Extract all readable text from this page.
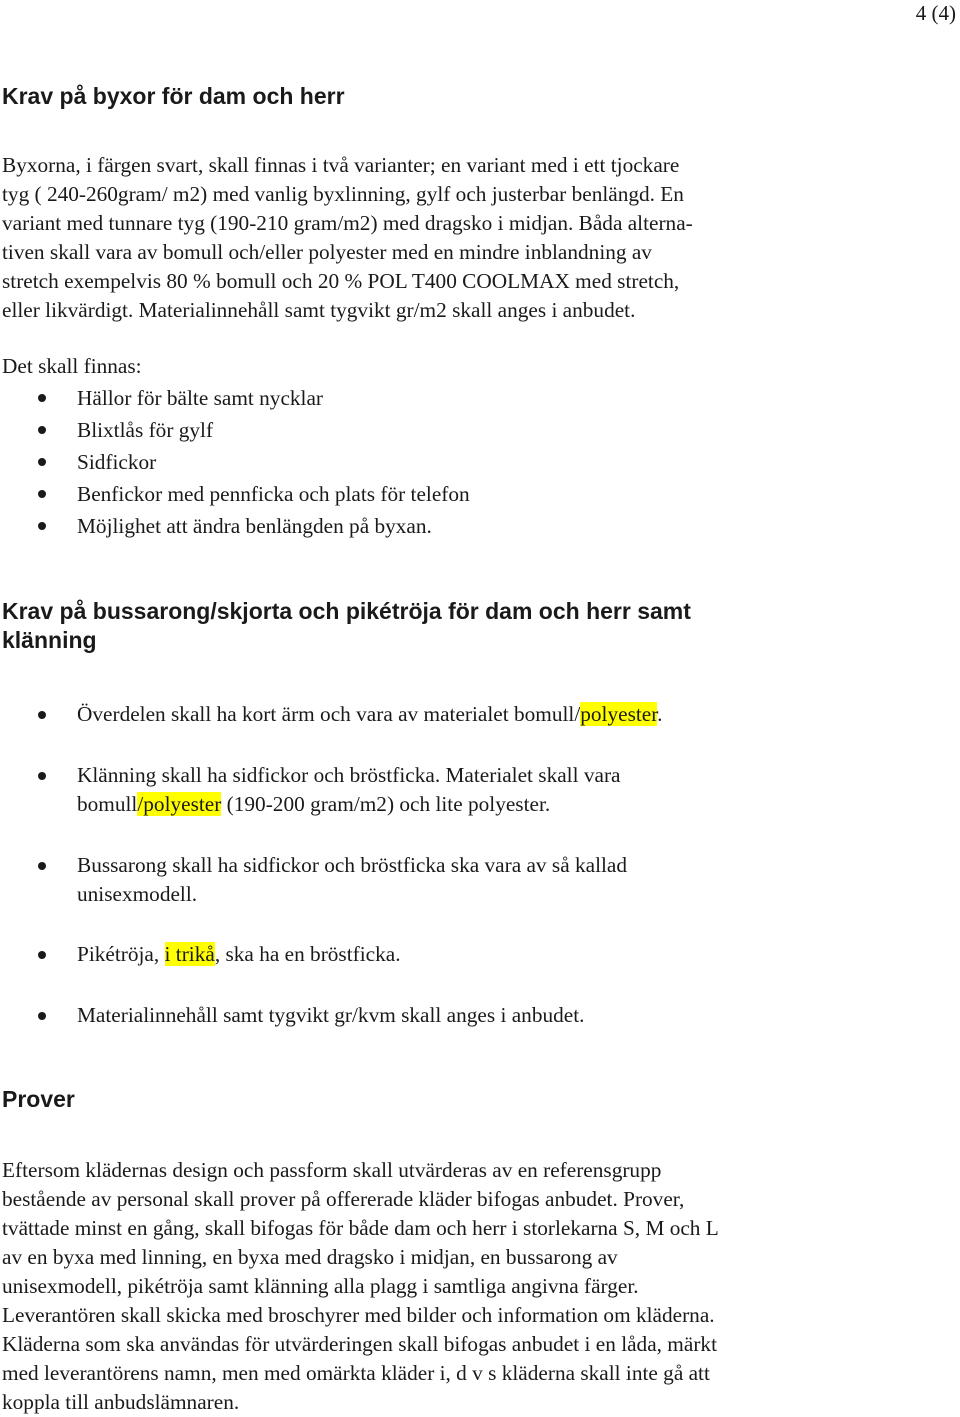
4 (4)
Krav på byxor för dam och herr

Byxorna, i färgen svart, skall finnas i två varianter; en variant med i ett tjockare
tyg ( 240-260gram/ m2) med vanlig byxlinning, gylf och justerbar benlängd. En
variant med tunnare tyg (190-210 gram/m2) med dragsko i midjan. Båda alterna-
tiven skall vara av bomull och/eller polyester med en mindre inblandning av
stretch exempelvis 80 % bomull och 20 % POL T400 COOLMAX med stretch,
eller likvärdigt. Materialinnehåll samt tygvikt gr/m2 skall anges i anbudet.

Det skall finnas:

Hällor för bälte samt nycklar
Blixtlås för gylf
Sidfickor
Benfickor med pennficka och plats för telefon
Möjlighet att ändra benlängden på byxan.
Krav på bussarong/skjorta och pikétröja för dam och herr samt
klänning
Överdelen skall ha kort ärm och vara av materialet bomull/polyester.
Klänning skall ha sidfickor och bröstficka. Materialet skall vara
bomull/polyester (190-200 gram/m2) och lite polyester.
Bussarong skall ha sidfickor och bröstficka ska vara av så kallad
unisexmodell.
Pikétröja, i trikå, ska ha en bröstficka.
Materialinnehåll samt tygvikt gr/kvm skall anges i anbudet.
Prover

Eftersom klädernas design och passform skall utvärderas av en referensgrupp
bestående av personal skall prover på offererade kläder bifogas anbudet. Prover,
tvättade minst en gång, skall bifogas för både dam och herr i storlekarna S, M och L
av en byxa med linning, en byxa med dragsko i midjan, en bussarong av
unisexmodell, pikétröja samt klänning alla plagg i samtliga angivna färger.
Leverantören skall skicka med broschyrer med bilder och information om kläderna.
Kläderna som ska användas för utvärderingen skall bifogas anbudet i en låda, märkt
med leverantörens namn, men med omärkta kläder i, d v s kläderna skall inte gå att
koppla till anbudslämnaren.
